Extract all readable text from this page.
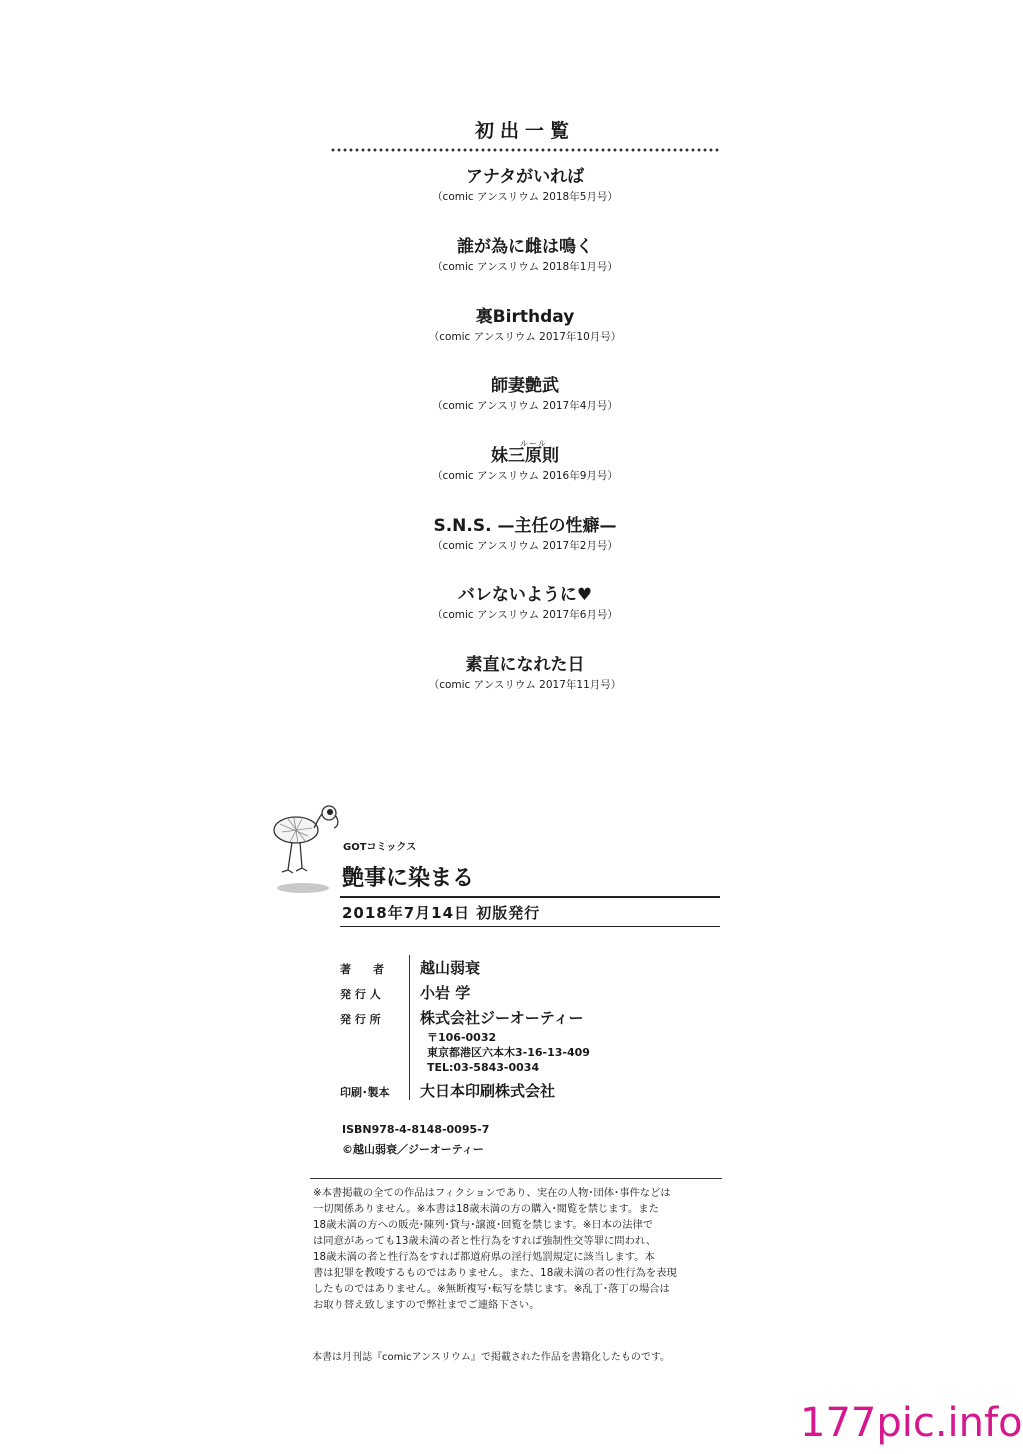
初出一覧
アナタがいれば
（comic アンスリウム 2018年5月号）
誰が為に雌は鳴く
（comic アンスリウム 2018年1月号）
裏Birthday
（comic アンスリウム 2017年10月号）
師妻艶武
（comic アンスリウム 2017年4月号）
ルール
妹三原則
（comic アンスリウム 2016年9月号）
S.N.S. —主任の性癖—
（comic アンスリウム 2017年2月号）
バレないように♥
（comic アンスリウム 2017年6月号）
素直になれた日
（comic アンスリウム 2017年11月号）
GOTコミックス
艶事に染まる
2018年7月14日 初版発行
著　　者	越山弱衰
発 行 人	小岩 学
発 行 所	株式会社ジーオーティー
〒106-0032
東京都港区六本木3-16-13-409
TEL:03-5843-0034
印刷･製本	大日本印刷株式会社
ISBN978-4-8148-0095-7
©越山弱衰／ジーオーティー
※本書掲載の全ての作品はフィクションであり、実在の人物･団体･事件などは
一切関係ありません。※本書は18歳未満の方の購入･閲覧を禁じます。また
18歳未満の方への販売･陳列･貸与･譲渡･回覧を禁じます。※日本の法律で
は同意があっても13歳未満の者と性行為をすれば強制性交等罪に問われ、
18歳未満の者と性行為をすれば都道府県の淫行処罰規定に該当します。本
書は犯罪を教唆するものではありません。また、18歳未満の者の性行為を表現
したものではありません。※無断複写･転写を禁じます。※乱丁･落丁の場合は
お取り替え致しますので弊社までご連絡下さい。
本書は月刊誌『comicアンスリウム』で掲載された作品を書籍化したものです。
177pic.info
